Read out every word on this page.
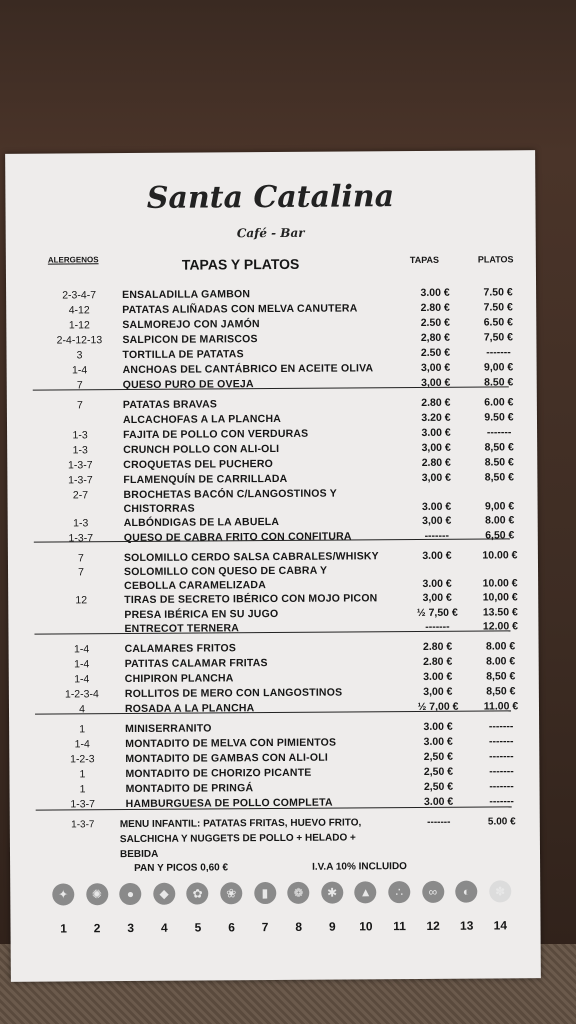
Santa Catalina
Café - Bar
ALERGENOS	TAPAS Y PLATOS	TAPAS	PLATOS
2-3-4-7	ENSALADILLA GAMBON	3.00 €	7.50 €
4-12	PATATAS ALIÑADAS CON MELVA CANUTERA	2.80 €	7.50 €
1-12	SALMOREJO CON JAMÓN	2.50 €	6.50 €
2-4-12-13	SALPICON DE MARISCOS	2,80 €	7,50 €
3	TORTILLA DE PATATAS	2.50 €	-------
1-4	ANCHOAS DEL CANTÁBRICO EN ACEITE OLIVA	3,00 €	9,00 €
7	QUESO PURO DE OVEJA	3,00 €	8.50 €
7	PATATAS BRAVAS	2.80 €	6.00 €
ALCACHOFAS A LA PLANCHA	3.20 €	9.50 €
1-3	FAJITA DE POLLO CON VERDURAS	3.00 €	-------
1-3	CRUNCH POLLO CON ALI-OLI	3,00 €	8,50 €
1-3-7	CROQUETAS DEL PUCHERO	2.80 €	8.50 €
1-3-7	FLAMENQUÍN DE CARRILLADA	3,00 €	8,50 €
2-7	BROCHETAS BACÓN C/LANGOSTINOS Y
CHISTORRAS	3.00 €	9,00 €
1-3	ALBÓNDIGAS DE LA ABUELA	3,00 €	8.00 €
1-3-7	QUESO DE CABRA FRITO CON CONFITURA	-------	6,50 €
7	SOLOMILLO CERDO SALSA CABRALES/WHISKY	3.00 €	10.00 €
7	SOLOMILLO CON QUESO DE CABRA Y
CEBOLLA CARAMELIZADA	3.00 €	10.00 €
12	TIRAS DE SECRETO IBÉRICO CON MOJO PICON	3,00 €	10,00 €
PRESA IBÉRICA EN SU JUGO	½ 7,50 €	13.50 €
ENTRECOT TERNERA	-------	12.00 €
1-4	CALAMARES FRITOS	2.80 €	8.00 €
1-4	PATITAS CALAMAR FRITAS	2.80 €	8.00 €
1-4	CHIPIRON PLANCHA	3.00 €	8,50 €
1-2-3-4	ROLLITOS DE MERO CON LANGOSTINOS	3,00 €	8,50 €
4	ROSADA A LA PLANCHA	½ 7,00 €	11.00 €
1	MINISERRANITO	3.00 €	-------
1-4	MONTADITO DE MELVA CON PIMIENTOS	3.00 €	-------
1-2-3	MONTADITO DE GAMBAS CON ALI-OLI	2,50 €	-------
1	MONTADITO DE CHORIZO PICANTE	2,50 €	-------
1	MONTADITO DE PRINGÁ	2,50 €	-------
1-3-7	HAMBURGUESA DE POLLO COMPLETA	3.00 €	-------
1-3-7	MENU INFANTIL: PATATAS FRITAS, HUEVO FRITO,
SALCHICHA Y NUGGETS DE POLLO + HELADO +
BEBIDA
-------	5.00 €
PAN Y PICOS 0,60 €	I.V.A 10% INCLUIDO
✦
1
✺
2
●
3
◆
4
✿
5
❀
6
▮
7
❁
8
✱
9
▲
10
∴
11
∞
12
◐
13
✽
14
